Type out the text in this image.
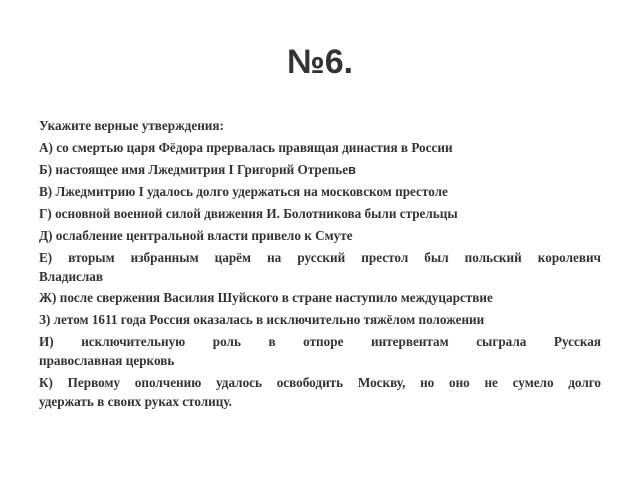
№6.
Укажите верные утверждения:
А) со смертью царя Фёдора прервалась правящая династия в России
Б) настоящее имя Лжедмитрия I Григорий Отрепьев
В) Лжедмитрию I удалось долго удержаться на московском престоле
Г) основной военной силой движения И. Болотникова были стрельцы
Д) ослабление центральной власти привело к Смуте
Е) вторым избранным царём на русский престол был польский королевич
Владислав
Ж) после свержения Василия Шуйского в стране наступило междуцарствие
З) летом 1611 года Россия оказалась в исключительно тяжёлом положении
И) исключительную роль в отпоре интервентам сыграла Русская
православная церковь
К) Первому ополчению удалось освободить Москву, но оно не сумело долго
удержать в своих руках столицу.
